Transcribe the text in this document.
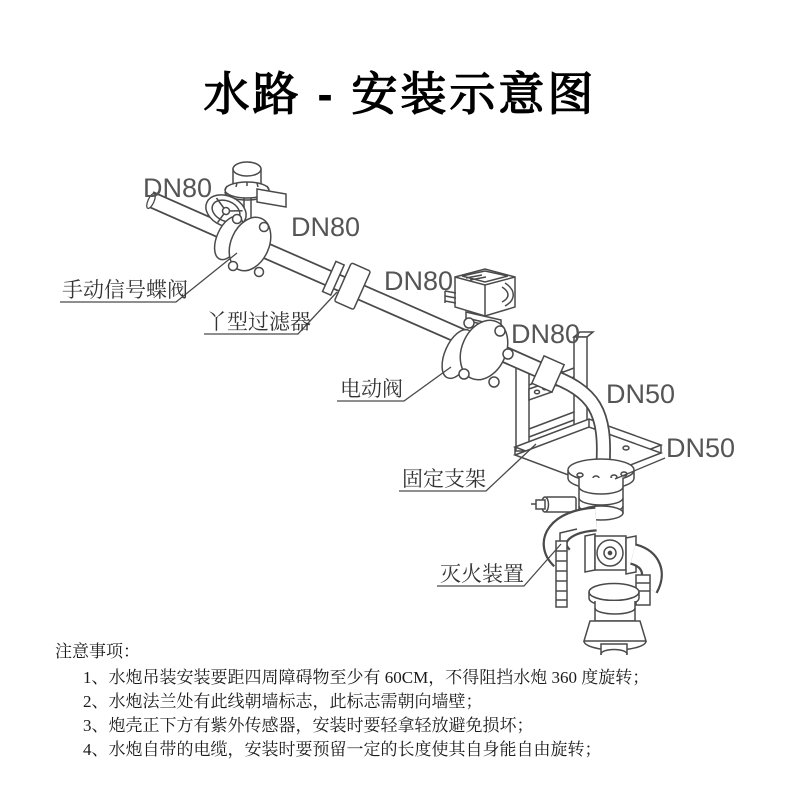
水路 - 安装示意图
DN80
DN80
DN80
DN80
DN50
DN50
手动信号蝶阀
丫型过滤器
电动阀
固定支架
灭火装置
注意事项：
1、水炮吊装安装要距四周障碍物至少有 60CM，不得阻挡水炮 360 度旋转；
2、水炮法兰处有此线朝墙标志，此标志需朝向墙壁；
3、炮壳正下方有紫外传感器，安装时要轻拿轻放避免损坏；
4、水炮自带的电缆，安装时要预留一定的长度使其自身能自由旋转；
